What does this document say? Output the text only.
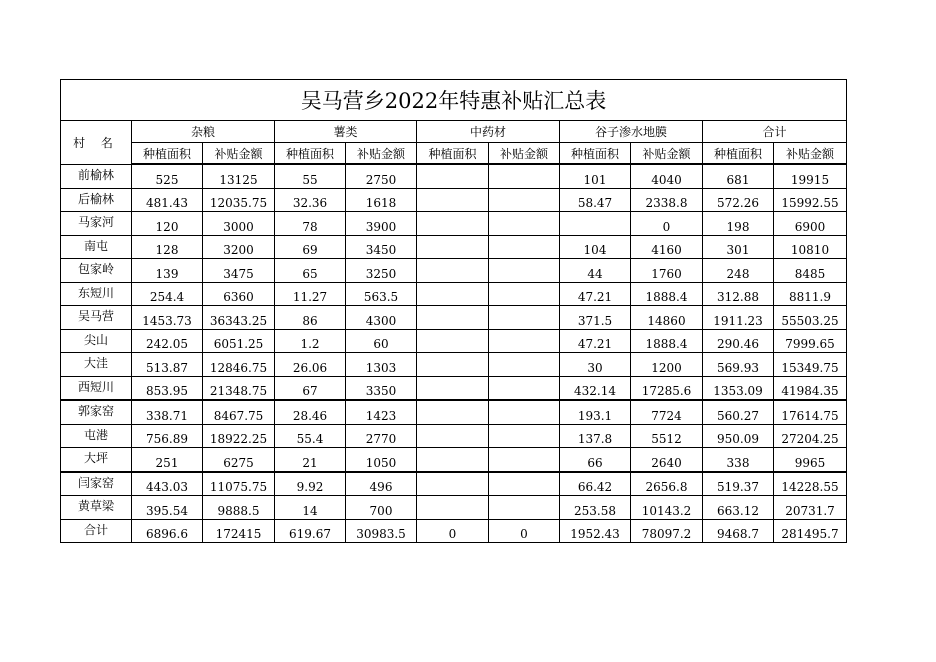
吴马营乡2022年特惠补贴汇总表										
村 名	杂粮		薯类		中药材		谷子渗水地膜		合计	
	种植面积	补贴金额	种植面积	补贴金额	种植面积	补贴金额	种植面积	补贴金额	种植面积	补贴金额
前榆林	525	13125	55	2750			101	4040	681	19915
后榆林	481.43	12035.75	32.36	1618			58.47	2338.8	572.26	15992.55
马家河	120	3000	78	3900				0	198	6900
南屯	128	3200	69	3450			104	4160	301	10810
包家岭	139	3475	65	3250			44	1760	248	8485
东短川	254.4	6360	11.27	563.5			47.21	1888.4	312.88	8811.9
吴马营	1453.73	36343.25	86	4300			371.5	14860	1911.23	55503.25
尖山	242.05	6051.25	1.2	60			47.21	1888.4	290.46	7999.65
大洼	513.87	12846.75	26.06	1303			30	1200	569.93	15349.75
西短川	853.95	21348.75	67	3350			432.14	17285.6	1353.09	41984.35
郭家窑	338.71	8467.75	28.46	1423			193.1	7724	560.27	17614.75
屯港	756.89	18922.25	55.4	2770			137.8	5512	950.09	27204.25
大坪	251	6275	21	1050			66	2640	338	9965
闫家窑	443.03	11075.75	9.92	496			66.42	2656.8	519.37	14228.55
黄草梁	395.54	9888.5	14	700			253.58	10143.2	663.12	20731.7
合计	6896.6	172415	619.67	30983.5	0	0	1952.43	78097.2	9468.7	281495.7
